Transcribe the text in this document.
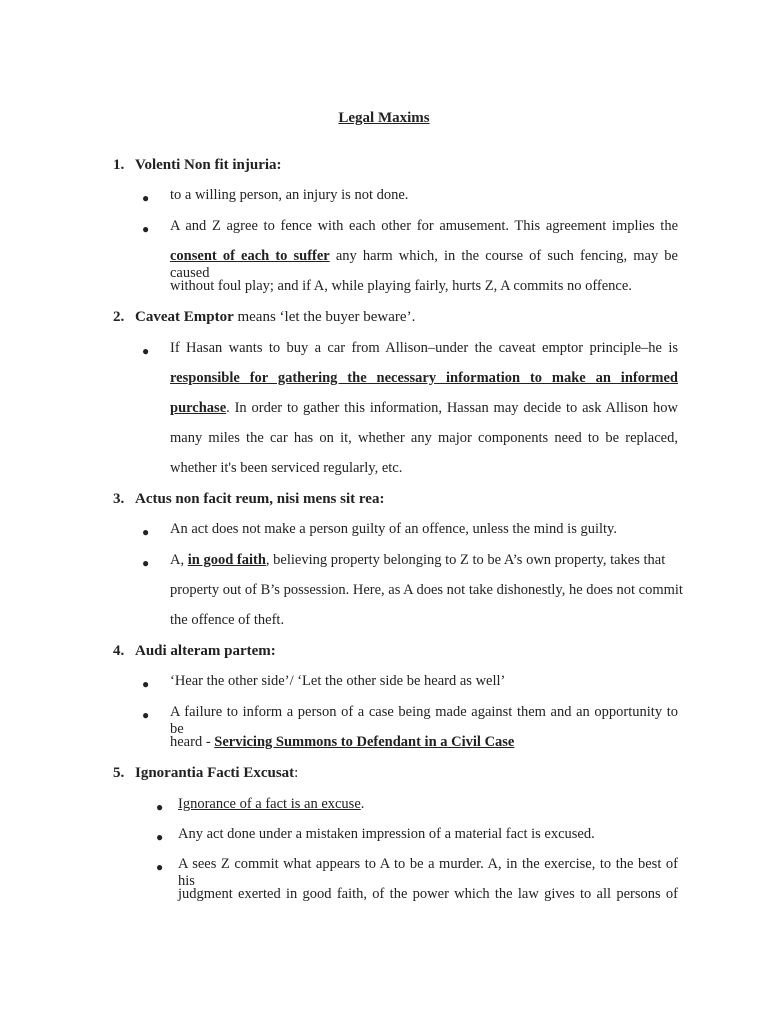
Legal Maxims
1. Volenti Non fit injuria:
● to a willing person, an injury is not done.
● A and Z agree to fence with each other for amusement. This agreement implies the
consent of each to suffer any harm which, in the course of such fencing, may be caused
without foul play; and if A, while playing fairly, hurts Z, A commits no offence.
2. Caveat Emptor means ‘let the buyer beware’.
● If Hasan wants to buy a car from Allison–under the caveat emptor principle–he is
responsible for gathering the necessary information to make an informed
purchase. In order to gather this information, Hassan may decide to ask Allison how
many miles the car has on it, whether any major components need to be replaced,
whether it's been serviced regularly, etc.
3. Actus non facit reum, nisi mens sit rea:
● An act does not make a person guilty of an offence, unless the mind is guilty.
● A, in good faith, believing property belonging to Z to be A’s own property, takes that
property out of B’s possession. Here, as A does not take dishonestly, he does not commit
the offence of theft.
4. Audi alteram partem:
● ‘Hear the other side’/ ‘Let the other side be heard as well’
● A failure to inform a person of a case being made against them and an opportunity to be
heard - Servicing Summons to Defendant in a Civil Case
5. Ignorantia Facti Excusat:
● Ignorance of a fact is an excuse.
● Any act done under a mistaken impression of a material fact is excused.
● A sees Z commit what appears to A to be a murder. A, in the exercise, to the best of his
judgment exerted in good faith, of the power which the law gives to all persons of
